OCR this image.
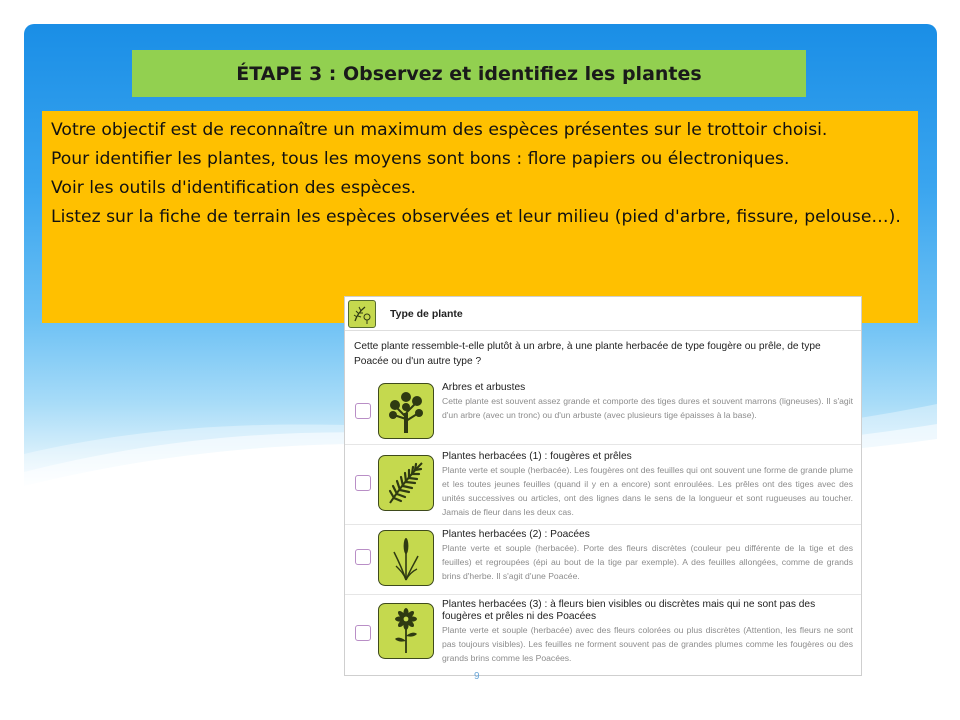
ÉTAPE 3 : Observez et identifiez les plantes

Votre objectif est de reconnaître un maximum des espèces présentes sur le trottoir choisi.

Pour identifier les plantes, tous les moyens sont bons : flore papiers ou électroniques.

Voir les outils d'identification des espèces.

Listez sur la fiche de terrain les espèces observées et leur milieu (pied d'arbre, fissure, pelouse…).

Type de plante
Cette plante ressemble-t-elle plutôt à un arbre, à une plante herbacée de type fougère ou prêle, de type Poacée ou d'un autre type ?
Arbres et arbustes
Cette plante est souvent assez grande et comporte des tiges dures et souvent marrons (ligneuses). Il s'agit d'un arbre (avec un tronc) ou d'un arbuste (avec plusieurs tige épaisses à la base).
Plantes herbacées (1) : fougères et prêles
Plante verte et souple (herbacée). Les fougères ont des feuilles qui ont souvent une forme de grande plume et les toutes jeunes feuilles (quand il y en a encore) sont enroulées. Les prêles ont des tiges avec des unités successives ou articles, ont des lignes dans le sens de la longueur et sont rugueuses au toucher. Jamais de fleur dans les deux cas.
Plantes herbacées (2) : Poacées
Plante verte et souple (herbacée). Porte des fleurs discrètes (couleur peu différente de la tige et des feuilles) et regroupées (épi au bout de la tige par exemple). A des feuilles allongées, comme de grands brins d'herbe. Il s'agit d'une Poacée.
Plantes herbacées (3) : à fleurs bien visibles ou discrètes mais qui ne sont pas des fougères et prêles ni des Poacées
Plante verte et souple (herbacée) avec des fleurs colorées ou plus discrètes (Attention, les fleurs ne sont pas toujours visibles). Les feuilles ne forment souvent pas de grandes plumes comme les fougères ou des grands brins comme les Poacées.
9
